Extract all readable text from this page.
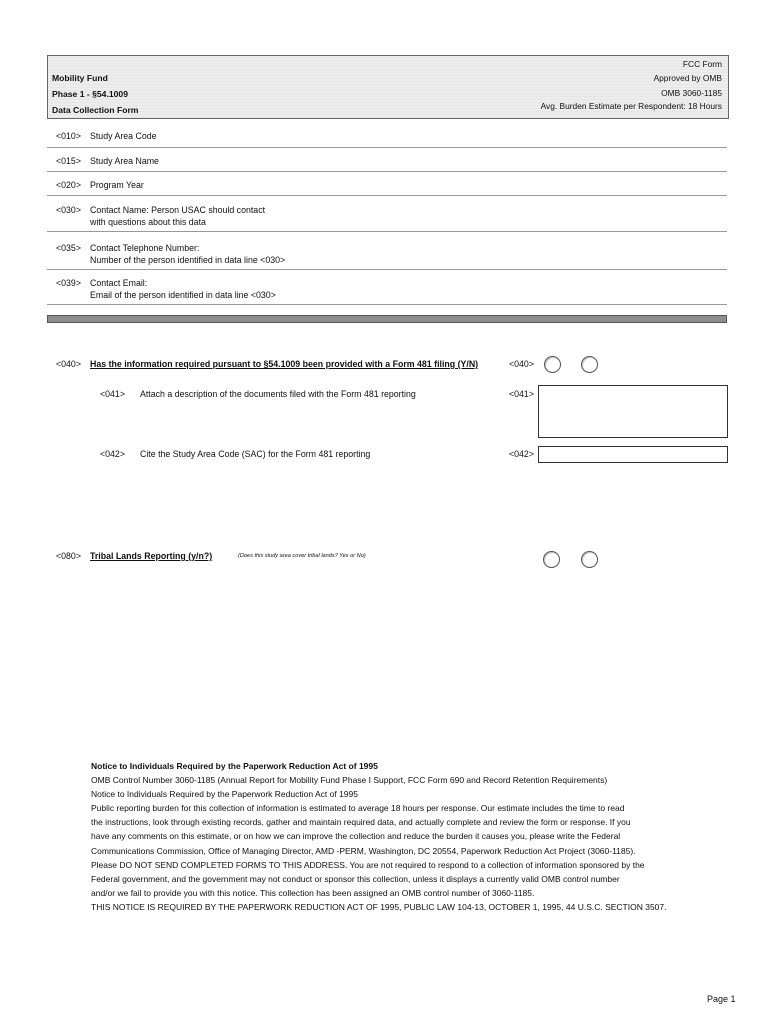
Mobility Fund
Phase 1 - §54.1009
Data Collection Form
FCC Form
Approved by OMB
OMB 3060-1185
Avg. Burden Estimate per Respondent: 18 Hours
<010> Study Area Code
<015> Study Area Name
<020> Program Year
<030> Contact Name: Person USAC should contact
with questions about this data
<035> Contact Telephone Number:
Number of the person identified in data line <030>
<039> Contact Email:
Email of the person identified in data line <030>
<040> Has the information required pursuant to §54.1009 been provided with a Form 481 filing (Y/N)	<040>
<041> Attach a description of the documents filed with the Form 481 reporting	<041>
<042> Cite the Study Area Code (SAC) for the Form 481 reporting	<042>
<080> Tribal Lands Reporting (y/n?)	(Does this study area cover tribal lands? Yes or No)
Notice to Individuals Required by the Paperwork Reduction Act of 1995
OMB Control Number 3060-1185 (Annual Report for Mobility Fund Phase I Support, FCC Form 690 and Record Retention Requirements)
Notice to Individuals Required by the Paperwork Reduction Act of 1995
Public reporting burden for this collection of information is estimated to average 18 hours per response. Our estimate includes the time to read
the instructions, look through existing records, gather and maintain required data, and actually complete and review the form or response. If you
have any comments on this estimate, or on how we can improve the collection and reduce the burden it causes you, please write the Federal
Communications Commission, Office of Managing Director, AMD -PERM, Washington, DC 20554, Paperwork Reduction Act Project (3060-1185).
Please DO NOT SEND COMPLETED FORMS TO THIS ADDRESS. You are not required to respond to a collection of information sponsored by the
Federal government, and the government may not conduct or sponsor this collection, unless it displays a currently valid OMB control number
and/or we fail to provide you with this notice. This collection has been assigned an OMB control number of 3060-1185.
THIS NOTICE IS REQUIRED BY THE PAPERWORK REDUCTION ACT OF 1995, PUBLIC LAW 104-13, OCTOBER 1, 1995, 44 U.S.C. SECTION 3507.
Page 1
